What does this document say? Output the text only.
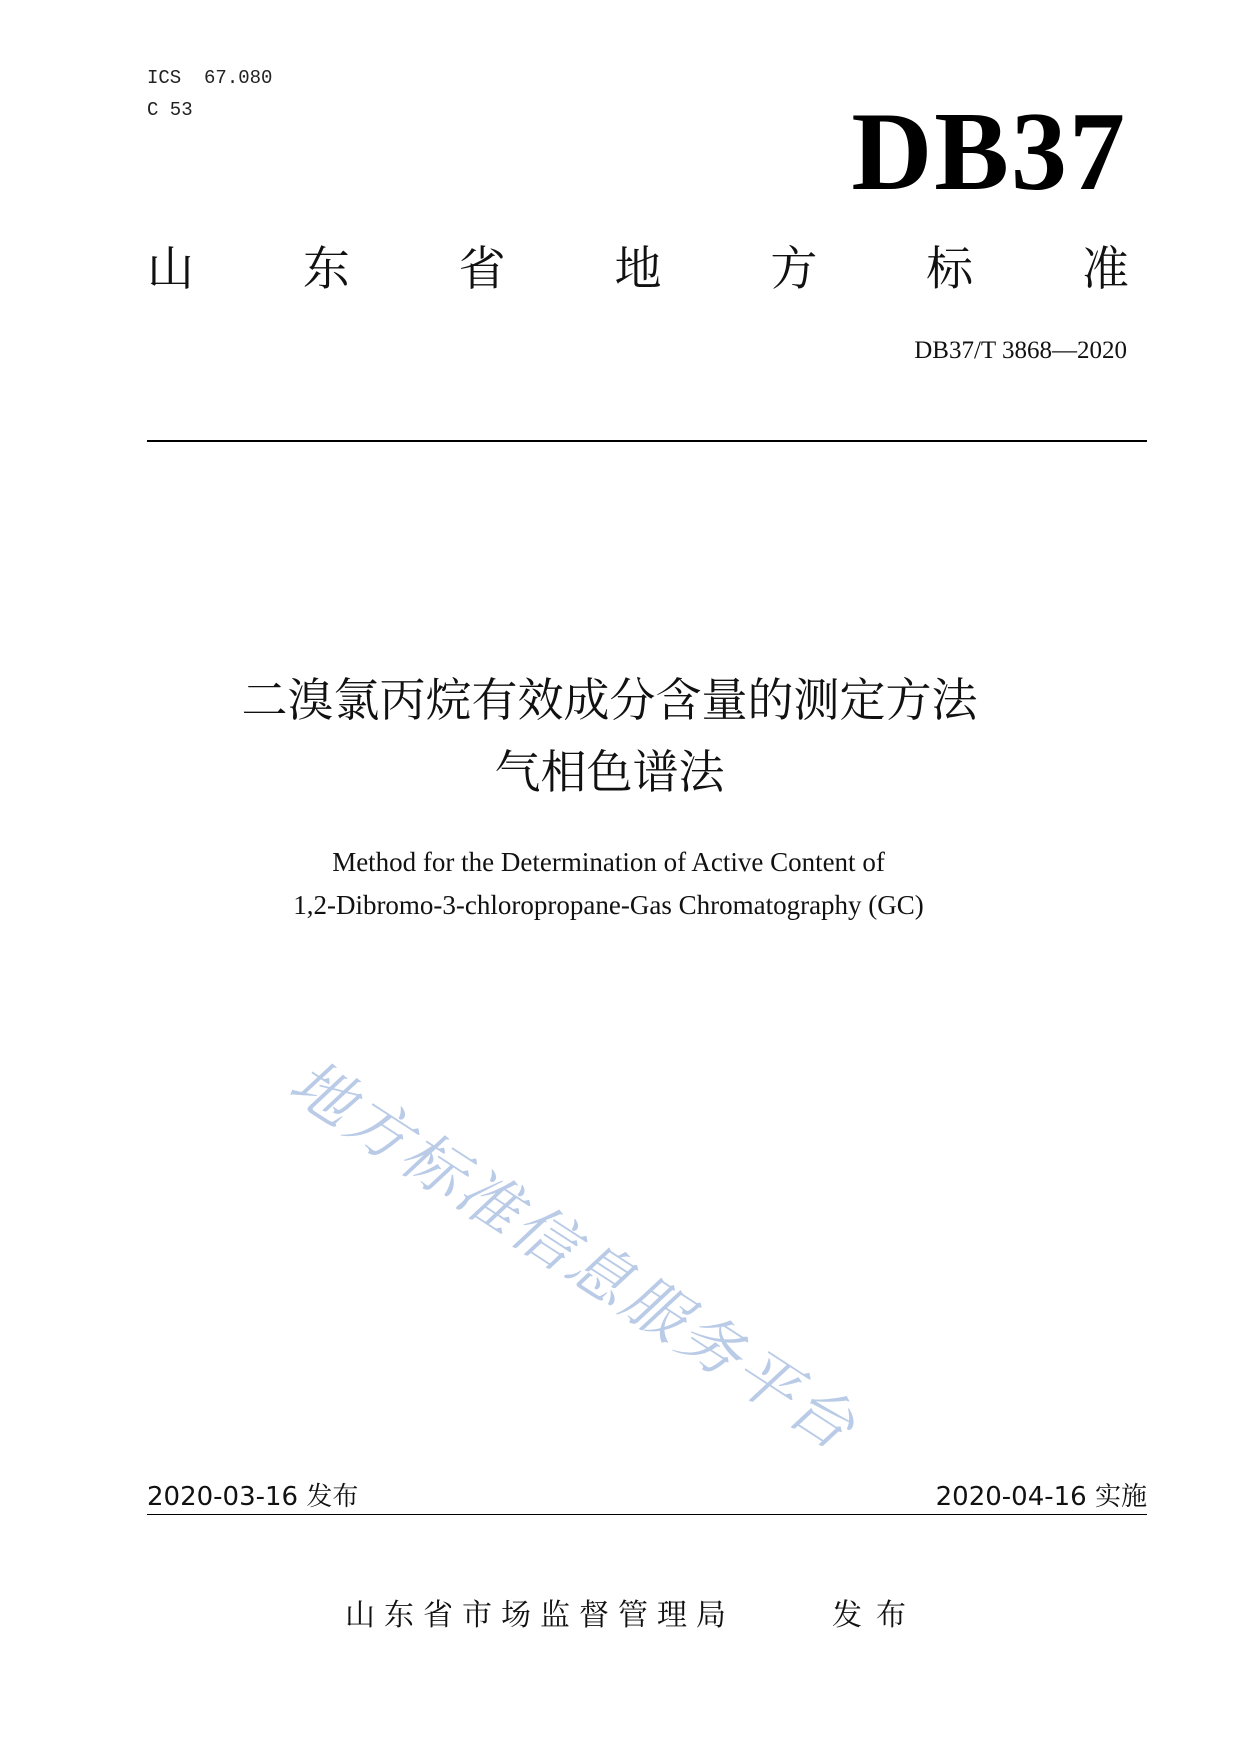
ICS  67.080
C 53	DB37
山 东 省 地 方 标 准
DB37/T 3868—2020
二溴氯丙烷有效成分含量的测定方法
气相色谱法
Method for the Determination of Active Content of
1,2-Dibromo-3-chloropropane-Gas Chromatography (GC)
地方标准信息服务平台
2020-03-16 发布	2020-04-16 实施
山东省市场监督管理局	发布
